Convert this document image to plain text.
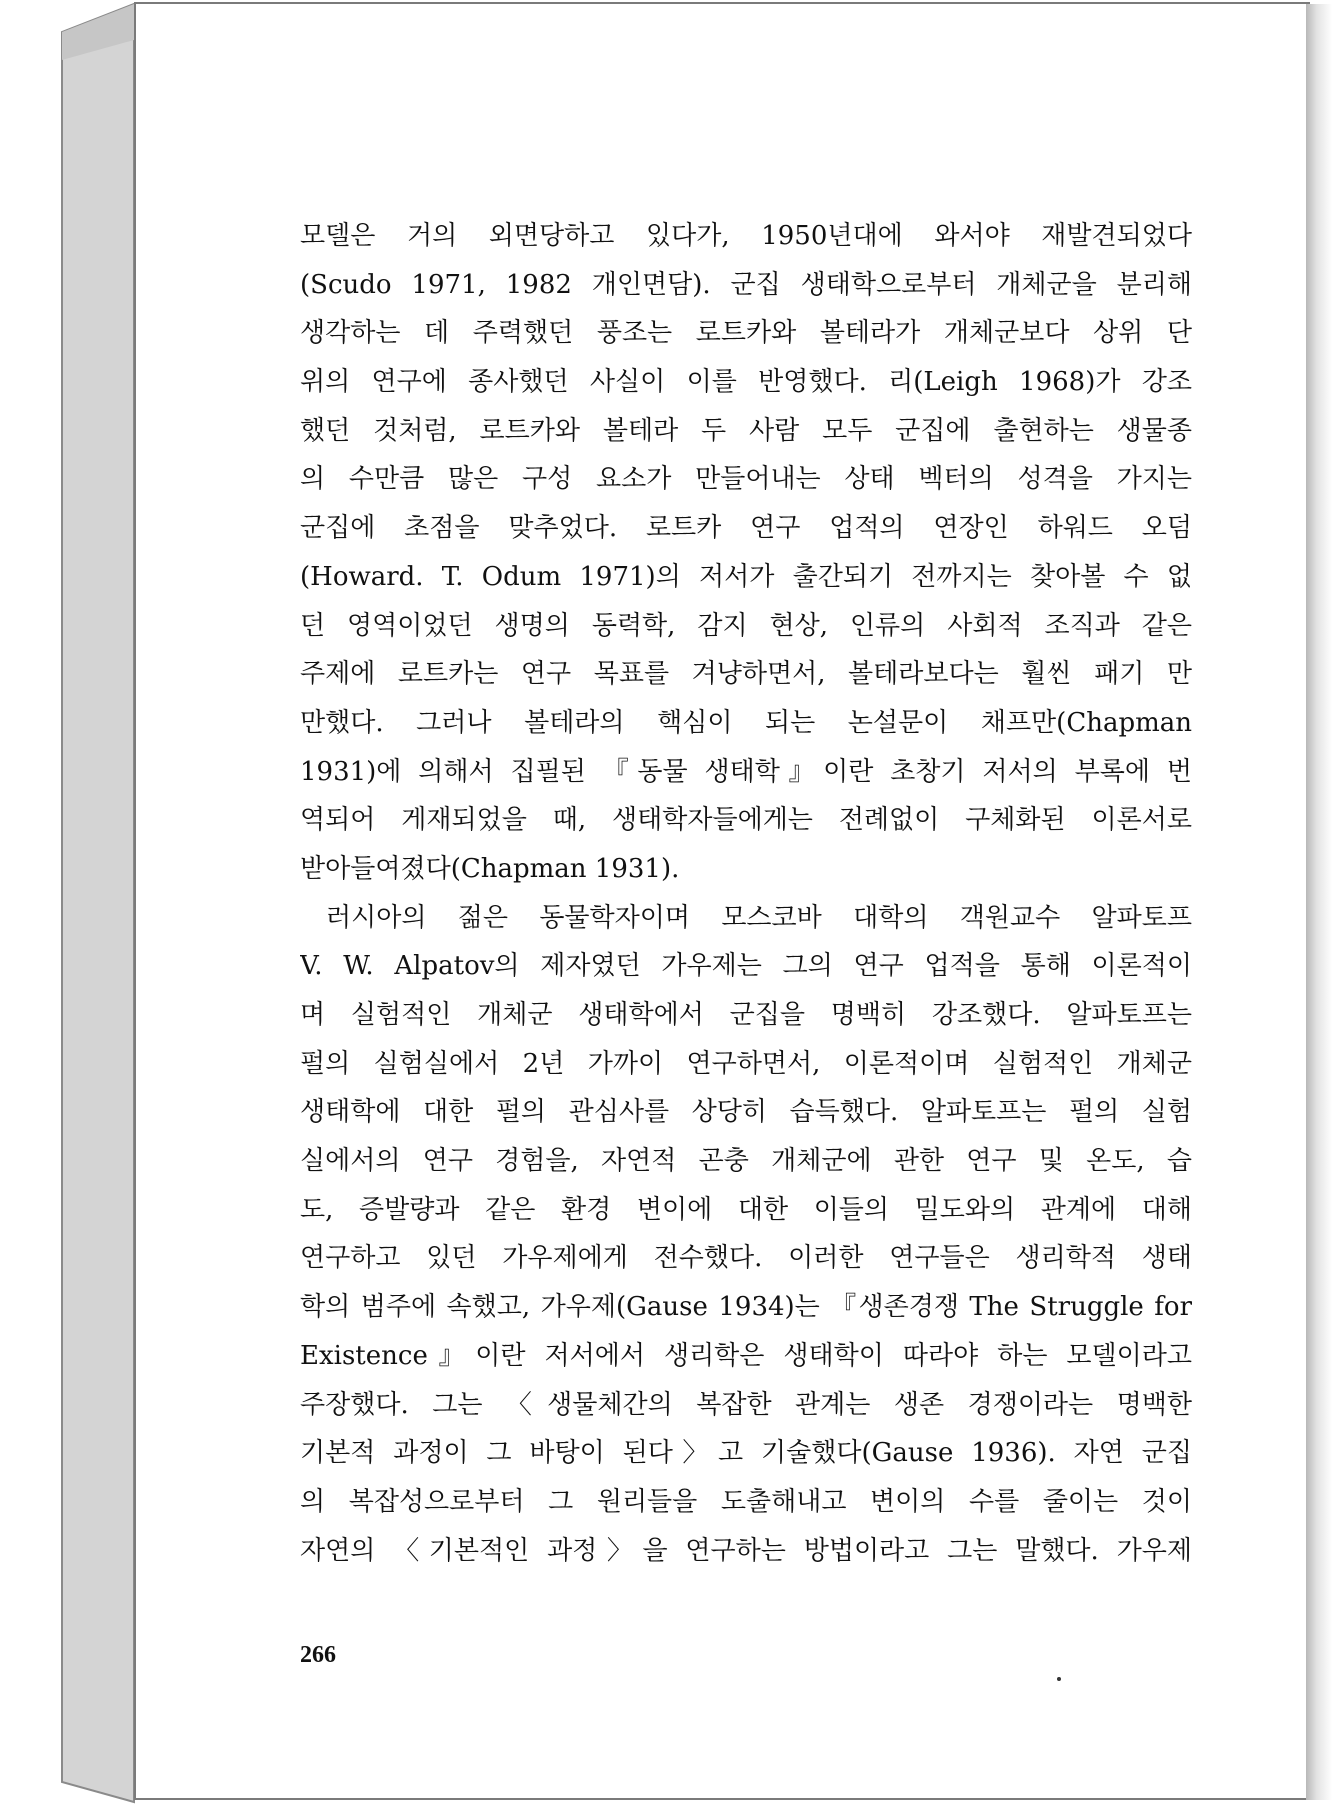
모델은 거의 외면당하고 있다가, 1950년대에 와서야 재발견되었다
(Scudo 1971, 1982 개인면담). 군집 생태학으로부터 개체군을 분리해
생각하는 데 주력했던 풍조는 로트카와 볼테라가 개체군보다 상위 단
위의 연구에 종사했던 사실이 이를 반영했다. 리(Leigh 1968)가 강조
했던 것처럼, 로트카와 볼테라 두 사람 모두 군집에 출현하는 생물종
의 수만큼 많은 구성 요소가 만들어내는 상태 벡터의 성격을 가지는
군집에 초점을 맞추었다. 로트카 연구 업적의 연장인 하워드 오덤
(Howard. T. Odum 1971)의 저서가 출간되기 전까지는 찾아볼 수 없
던 영역이었던 생명의 동력학, 감지 현상, 인류의 사회적 조직과 같은
주제에 로트카는 연구 목표를 겨냥하면서, 볼테라보다는 훨씬 패기 만
만했다. 그러나 볼테라의 핵심이 되는 논설문이 채프만(Chapman
1931)에 의해서 집필된 『동물 생태학』이란 초창기 저서의 부록에 번
역되어 게재되었을 때, 생태학자들에게는 전례없이 구체화된 이론서로
받아들여졌다(Chapman 1931).
러시아의 젊은 동물학자이며 모스코바 대학의 객원교수 알파토프
V. W. Alpatov의 제자였던 가우제는 그의 연구 업적을 통해 이론적이
며 실험적인 개체군 생태학에서 군집을 명백히 강조했다. 알파토프는
펄의 실험실에서 2년 가까이 연구하면서, 이론적이며 실험적인 개체군
생태학에 대한 펄의 관심사를 상당히 습득했다. 알파토프는 펄의 실험
실에서의 연구 경험을, 자연적 곤충 개체군에 관한 연구 및 온도, 습
도, 증발량과 같은 환경 변이에 대한 이들의 밀도와의 관계에 대해
연구하고 있던 가우제에게 전수했다. 이러한 연구들은 생리학적 생태
학의 범주에 속했고, 가우제(Gause 1934)는 『생존경쟁 The Struggle for
Existence』이란 저서에서 생리학은 생태학이 따라야 하는 모델이라고
주장했다. 그는 〈생물체간의 복잡한 관계는 생존 경쟁이라는 명백한
기본적 과정이 그 바탕이 된다〉고 기술했다(Gause 1936). 자연 군집
의 복잡성으로부터 그 원리들을 도출해내고 변이의 수를 줄이는 것이
자연의 〈기본적인 과정〉을 연구하는 방법이라고 그는 말했다. 가우제
266
